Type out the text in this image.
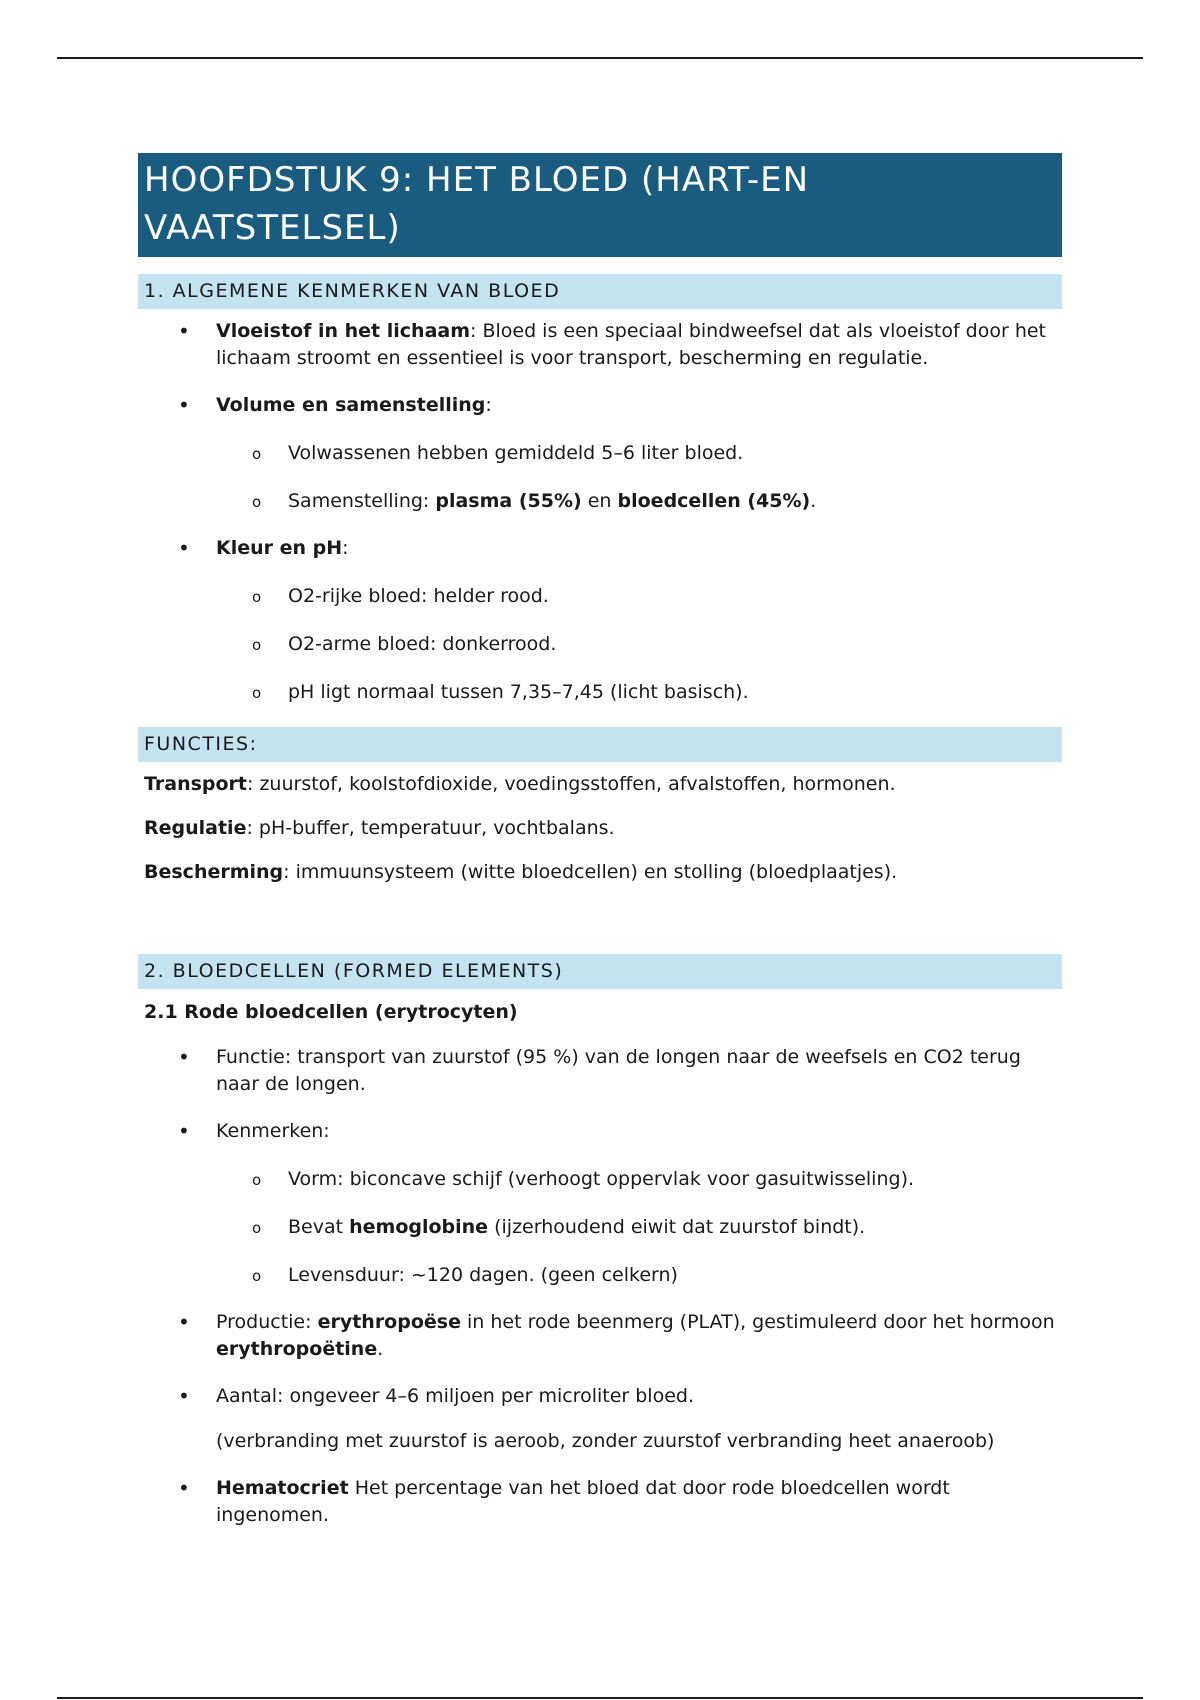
HOOFDSTUK 9: HET BLOED (HART-EN VAATSTELSEL)
1. ALGEMENE KENMERKEN VAN BLOED
• Vloeistof in het lichaam: Bloed is een speciaal bindweefsel dat als vloeistof door het lichaam stroomt en essentieel is voor transport, bescherming en regulatie.
• Volume en samenstelling:
o Volwassenen hebben gemiddeld 5–6 liter bloed.
o Samenstelling: plasma (55%) en bloedcellen (45%).
• Kleur en pH:
o O2-rijke bloed: helder rood.
o O2-arme bloed: donkerrood.
o pH ligt normaal tussen 7,35–7,45 (licht basisch).
FUNCTIES:
Transport: zuurstof, koolstofdioxide, voedingsstoffen, afvalstoffen, hormonen.
Regulatie: pH-buffer, temperatuur, vochtbalans.
Bescherming: immuunsysteem (witte bloedcellen) en stolling (bloedplaatjes).
2. BLOEDCELLEN (FORMED ELEMENTS)
2.1 Rode bloedcellen (erytrocyten)
• Functie: transport van zuurstof (95 %) van de longen naar de weefsels en CO2 terug naar de longen.
• Kenmerken:
o Vorm: biconcave schijf (verhoogt oppervlak voor gasuitwisseling).
o Bevat hemoglobine (ijzerhoudend eiwit dat zuurstof bindt).
o Levensduur: ~120 dagen. (geen celkern)
• Productie: erythropoëse in het rode beenmerg (PLAT), gestimuleerd door het hormoon erythropoëtine.
• Aantal: ongeveer 4–6 miljoen per microliter bloed.
(verbranding met zuurstof is aeroob, zonder zuurstof verbranding heet anaeroob)
• Hematocriet Het percentage van het bloed dat door rode bloedcellen wordt ingenomen.
